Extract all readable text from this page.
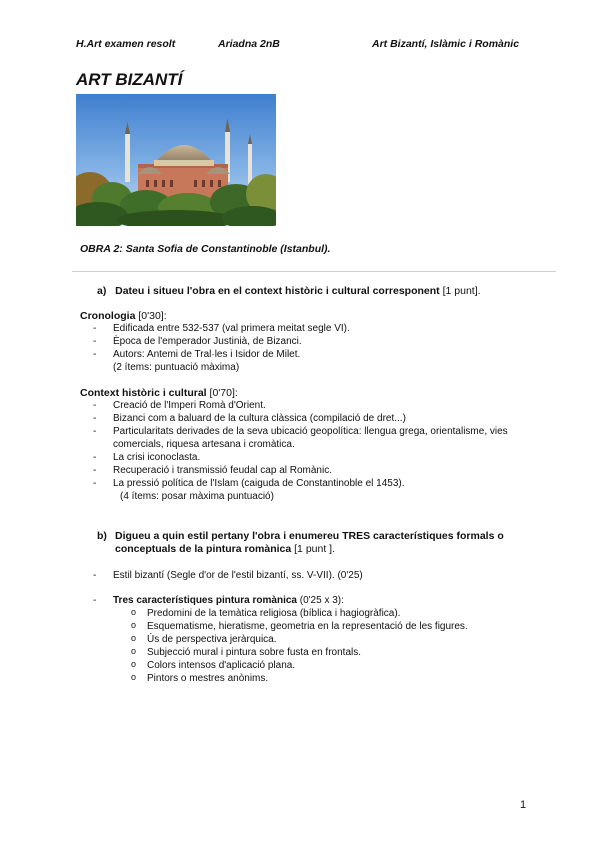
H.Art examen resolt	Ariadna 2nB	Art Bizantí, Islàmic i Romànic
ART BIZANTÍ
OBRA 2: Santa Sofia de Constantinoble (Istanbul).
a) Dateu i situeu l'obra en el context històric i cultural corresponent [1 punt].
Cronologia [0'30]:
- Edificada entre 532-537 (val primera meitat segle VI).
- Època de l'emperador Justinià, de Bizanci.
- Autors: Antemi de Tral·les i Isidor de Milet.
(2 ítems: puntuació màxima)
Context històric i cultural [0'70]:
- Creació de l'Imperi Romà d'Orient.
- Bizanci com a baluard de la cultura clàssica (compilació de dret...)
- Particularitats derivades de la seva ubicació geopolítica: llengua grega, orientalisme, vies comercials, riquesa artesana i cromàtica.
- La crisi iconoclasta.
- Recuperació i transmissió feudal cap al Romànic.
- La pressió política de l'Islam (caiguda de Constantinoble el 1453).
(4 ítems: posar màxima puntuació)
b) Digueu a quin estil pertany l'obra i enumereu TRES característiques formals o conceptuals de la pintura romànica [1 punt ].
- Estil bizantí (Segle d'or de l'estil bizantí, ss. V-VII). (0'25)
- Tres característiques pintura romànica (0'25 x 3):
o Predomini de la temàtica religiosa (bíblica i hagiogràfica).
o Esquematisme, hieratisme, geometria en la representació de les figures.
o Ús de perspectiva jeràrquica.
o Subjecció mural i pintura sobre fusta en frontals.
o Colors intensos d'aplicació plana.
o Pintors o mestres anònims.
1
